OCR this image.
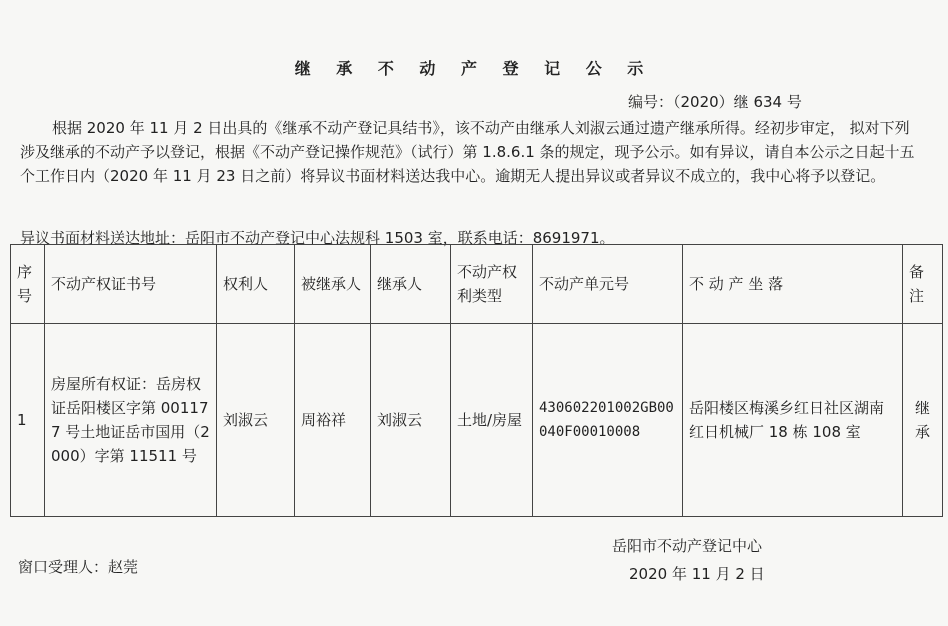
继 承 不 动 产 登 记 公 示
编号：（2020）继 634 号
根据 2020 年 11 月 2 日出具的《继承不动产登记具结书》，该不动产由继承人刘淑云通过遗产继承所得。经初步审定， 拟对下列涉及继承的不动产予以登记，根据《不动产登记操作规范》（试行）第 1.8.6.1 条的规定，现予公示。如有异议，请自本公示之日起十五个工作日内（2020 年 11 月 23 日之前）将异议书面材料送达我中心。逾期无人提出异议或者异议不成立的，我中心将予以登记。
异议书面材料送达地址：岳阳市不动产登记中心法规科 1503 室，联系电话：8691971。
序号	不动产权证书号	权利人	被继承人	继承人	不动产权利类型	不动产单元号	不 动 产 坐 落	备注
1	房屋所有权证：岳房权证岳阳楼区字第 001177 号土地证岳市国用（2000）字第 11511 号	刘淑云	周裕祥	刘淑云	土地/房屋	430602201002GB00040F00010008	岳阳楼区梅溪乡红日社区湖南红日机械厂 18 栋 108 室	继承
窗口受理人：赵莞
岳阳市不动产登记中心
2020 年 11 月 2 日
